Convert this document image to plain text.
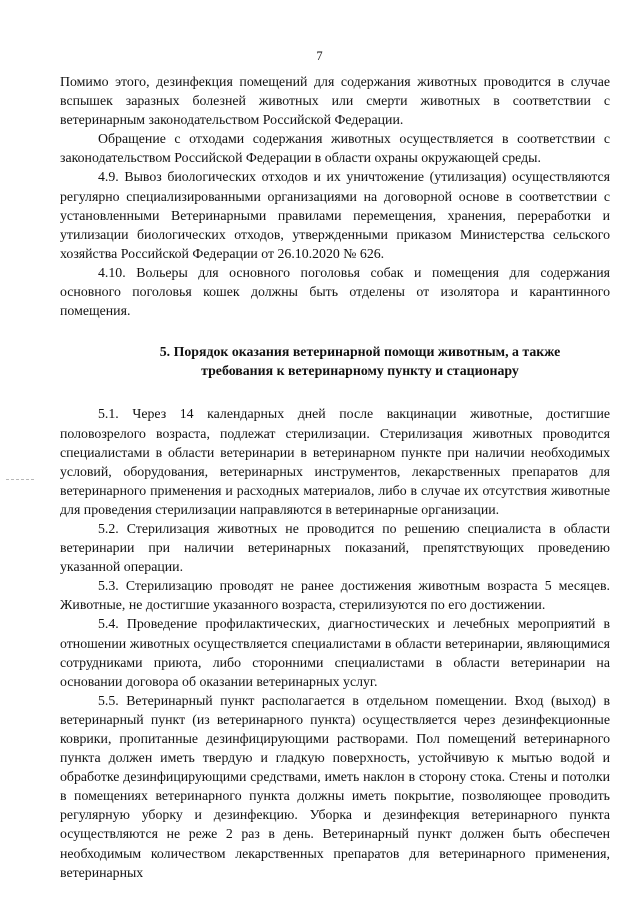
7

Помимо этого, дезинфекция помещений для содержания животных проводится в случае вспышек заразных болезней животных или смерти животных в соответствии с ветеринарным законодательством Российской Федерации.

Обращение с отходами содержания животных осуществляется в соответствии с законодательством Российской Федерации в области охраны окружающей среды.

4.9. Вывоз биологических отходов и их уничтожение (утилизация) осуществляются регулярно специализированными организациями на договорной основе в соответствии с установленными Ветеринарными правилами перемещения, хранения, переработки и утилизации биологических отходов, утвержденными приказом Министерства сельского хозяйства Российской Федерации от 26.10.2020 № 626.

4.10. Вольеры для основного поголовья собак и помещения для содержания основного поголовья кошек должны быть отделены от изолятора и карантинного помещения.

5. Порядок оказания ветеринарной помощи животным, а также
требования к ветеринарному пункту и стационару

5.1. Через 14 календарных дней после вакцинации животные, достигшие половозрелого возраста, подлежат стерилизации. Стерилизация животных проводится специалистами в области ветеринарии в ветеринарном пункте при наличии необходимых условий, оборудования, ветеринарных инструментов, лекарственных препаратов для ветеринарного применения и расходных материалов, либо в случае их отсутствия животные для проведения стерилизации направляются в ветеринарные организации.

5.2. Стерилизация животных не проводится по решению специалиста в области ветеринарии при наличии ветеринарных показаний, препятствующих проведению указанной операции.

5.3. Стерилизацию проводят не ранее достижения животным возраста 5 месяцев. Животные, не достигшие указанного возраста, стерилизуются по его достижении.

5.4. Проведение профилактических, диагностических и лечебных мероприятий в отношении животных осуществляется специалистами в области ветеринарии, являющимися сотрудниками приюта, либо сторонними специалистами в области ветеринарии на основании договора об оказании ветеринарных услуг.

5.5. Ветеринарный пункт располагается в отдельном помещении. Вход (выход) в ветеринарный пункт (из ветеринарного пункта) осуществляется через дезинфекционные коврики, пропитанные дезинфицирующими растворами. Пол помещений ветеринарного пункта должен иметь твердую и гладкую поверхность, устойчивую к мытью водой и обработке дезинфицирующими средствами, иметь наклон в сторону стока. Стены и потолки в помещениях ветеринарного пункта должны иметь покрытие, позволяющее проводить регулярную уборку и дезинфекцию. Уборка и дезинфекция ветеринарного пункта осуществляются не реже 2 раз в день. Ветеринарный пункт должен быть обеспечен необходимым количеством лекарственных препаратов для ветеринарного применения, ветеринарных
